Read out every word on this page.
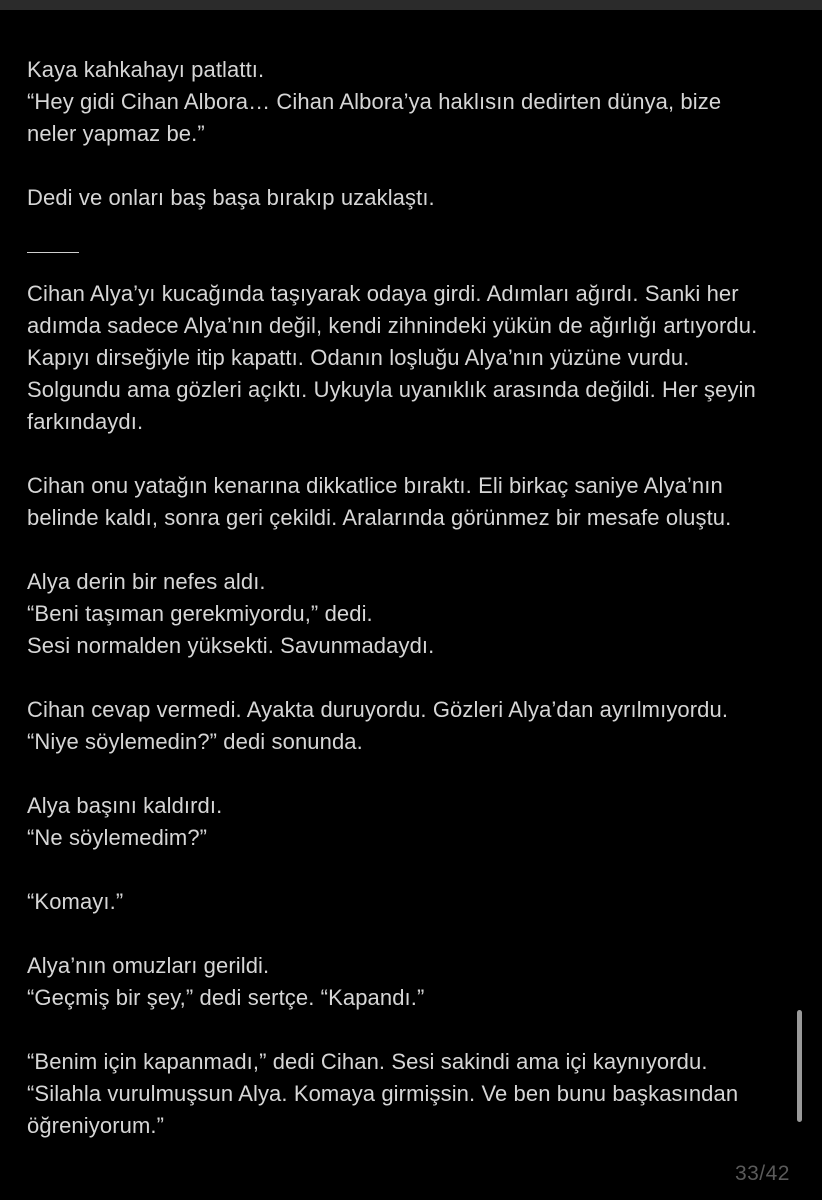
Kaya kahkahayı patlattı.
“Hey gidi Cihan Albora… Cihan Albora’ya haklısın dedirten dünya, bize
neler yapmaz be.”
Dedi ve onları baş başa bırakıp uzaklaştı.
Cihan Alya’yı kucağında taşıyarak odaya girdi. Adımları ağırdı. Sanki her
adımda sadece Alya’nın değil, kendi zihnindeki yükün de ağırlığı artıyordu.
Kapıyı dirseğiyle itip kapattı. Odanın loşluğu Alya’nın yüzüne vurdu.
Solgundu ama gözleri açıktı. Uykuyla uyanıklık arasında değildi. Her şeyin
farkındaydı.
Cihan onu yatağın kenarına dikkatlice bıraktı. Eli birkaç saniye Alya’nın
belinde kaldı, sonra geri çekildi. Aralarında görünmez bir mesafe oluştu.
Alya derin bir nefes aldı.
“Beni taşıman gerekmiyordu,” dedi.
Sesi normalden yüksekti. Savunmadaydı.
Cihan cevap vermedi. Ayakta duruyordu. Gözleri Alya’dan ayrılmıyordu.
“Niye söylemedin?” dedi sonunda.
Alya başını kaldırdı.
“Ne söylemedim?”
“Komayı.”
Alya’nın omuzları gerildi.
“Geçmiş bir şey,” dedi sertçe. “Kapandı.”
“Benim için kapanmadı,” dedi Cihan. Sesi sakindi ama içi kaynıyordu.
“Silahla vurulmuşsun Alya. Komaya girmişsin. Ve ben bunu başkasından
öğreniyorum.”
33/42
